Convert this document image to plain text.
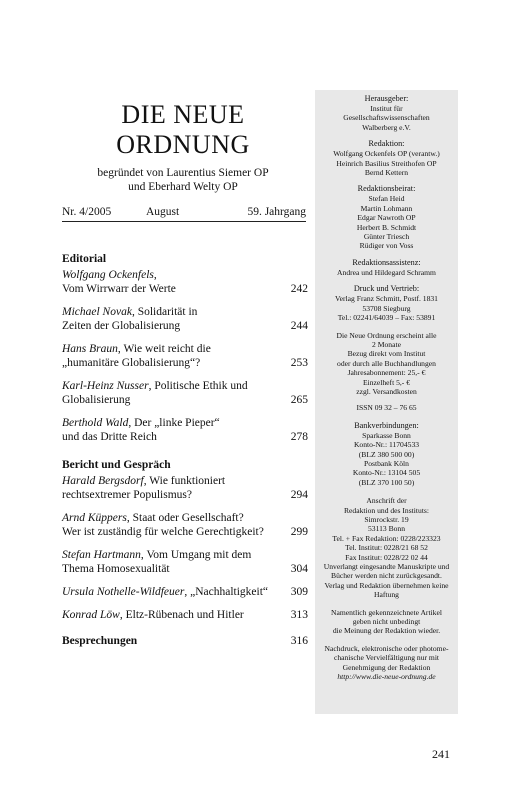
DIE NEUE
ORDNUNG
begründet von Laurentius Siemer OP
und Eberhard Welty OP
Nr. 4/2005	August	59. Jahrgang
Editorial
Wolfgang Ockenfels,
Vom Wirrwarr der Werte	242
Michael Novak, Solidarität in
Zeiten der Globalisierung	244
Hans Braun, Wie weit reicht die
„humanitäre Globalisierung“?	253
Karl-Heinz Nusser, Politische Ethik und
Globalisierung	265
Berthold Wald, Der „linke Pieper“
und das Dritte Reich	278
Bericht und Gespräch
Harald Bergsdorf, Wie funktioniert
rechtsextremer Populismus?	294
Arnd Küppers, Staat oder Gesellschaft?
Wer ist zuständig für welche Gerechtigkeit?	299
Stefan Hartmann, Vom Umgang mit dem
Thema Homosexualität	304
Ursula Nothelle-Wildfeuer, „Nachhaltigkeit“	309
Konrad Löw, Eltz-Rübenach und Hitler	313
Besprechungen	316
Herausgeber:
Institut für
Gesellschaftswissenschaften
Walberberg e.V.
Redaktion:
Wolfgang Ockenfels OP (verantw.)
Heinrich Basilius Streithofen OP
Bernd Kettern
Redaktionsbeirat:
Stefan Heid
Martin Lohmann
Edgar Nawroth OP
Herbert B. Schmidt
Günter Triesch
Rüdiger von Voss
Redaktionsassistenz:
Andrea und Hildegard Schramm
Druck und Vertrieb:
Verlag Franz Schmitt, Postf. 1831
53708 Siegburg
Tel.: 02241/64039 – Fax: 53891
Die Neue Ordnung erscheint alle
2 Monate
Bezug direkt vom Institut
oder durch alle Buchhandlungen
Jahresabonnement: 25,- €
Einzelheft 5,- €
zzgl. Versandkosten
ISSN 09 32 – 76 65
Bankverbindungen:
Sparkasse Bonn
Konto-Nr.: 11704533
(BLZ 380 500 00)
Postbank Köln
Konto-Nr.: 13104 505
(BLZ 370 100 50)
Anschrift der
Redaktion und des Instituts:
Simrockstr. 19
53113 Bonn
Tel. + Fax Redaktion: 0228/223323
Tel. Institut: 0228/21 68 52
Fax Institut: 0228/22 02 44
Unverlangt eingesandte Manuskripte und
Bücher werden nicht zurückgesandt.
Verlag und Redaktion übernehmen keine
Haftung
Namentlich gekennzeichnete Artikel
geben nicht unbedingt
die Meinung der Redaktion wieder.
Nachdruck, elektronische oder photome-
chanische Vervielfältigung nur mit
Genehmigung der Redaktion
http://www.die-neue-ordnung.de
241
